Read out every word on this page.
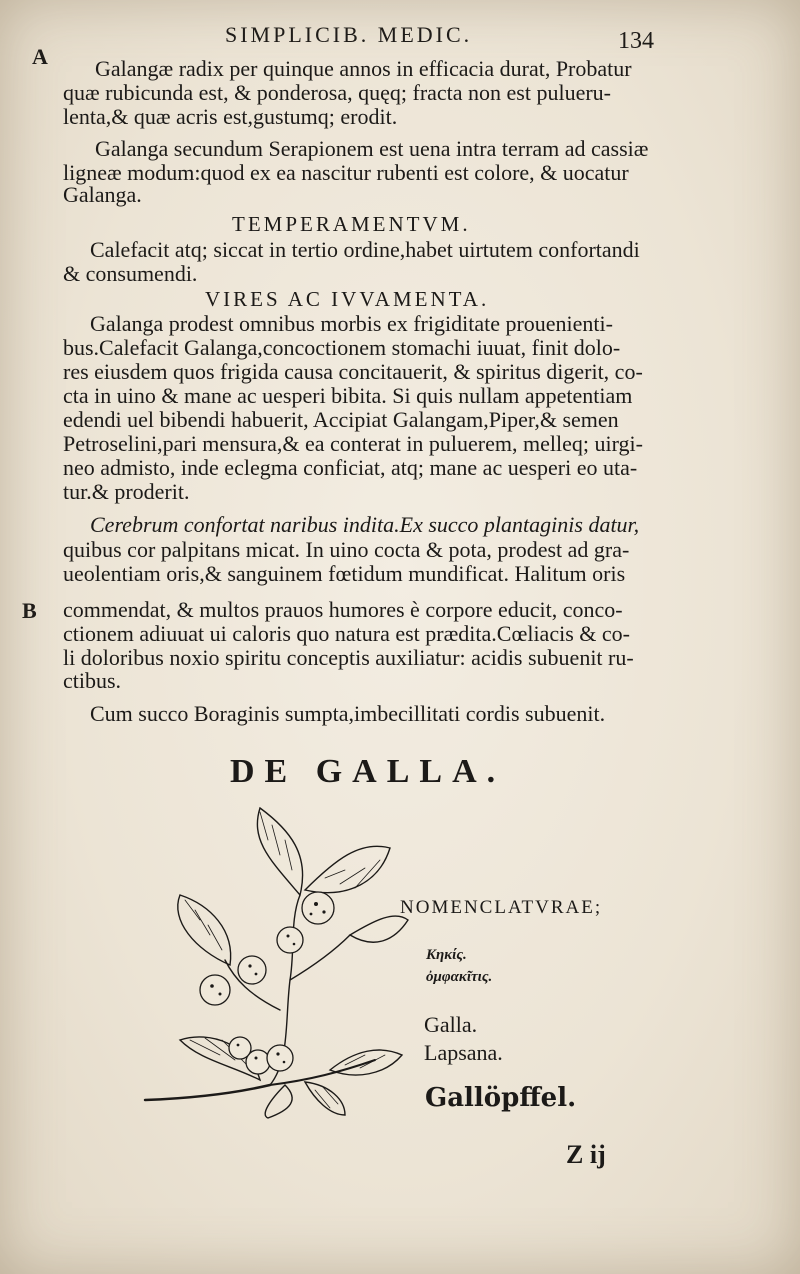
SIMPLICIB. MEDIC.	134
A
B
Galangæ radix per quinque annos in efficacia durat, Probatur
quæ rubicunda est, & ponderosa, quęq; fracta non est pulueru-
lenta,& quæ acris est,gustumq; erodit.
Galanga secundum Serapionem est uena intra terram ad cassiæ
ligneæ modum:quod ex ea nascitur rubenti est colore, & uocatur
Galanga.
TEMPERAMENTVM.
Calefacit atq; siccat in tertio ordine,habet uirtutem confortandi
& consumendi.
VIRES AC IVVAMENTA.
Galanga prodest omnibus morbis ex frigiditate prouenienti-
bus.Calefacit Galanga,concoctionem stomachi iuuat, finit dolo-
res eiusdem quos frigida causa concitauerit, & spiritus digerit, co-
cta in uino & mane ac uesperi bibita. Si quis nullam appetentiam
edendi uel bibendi habuerit, Accipiat Galangam,Piper,& semen
Petroselini,pari mensura,& ea conterat in puluerem, melleq; uirgi-
neo admisto, inde eclegma conficiat, atq; mane ac uesperi eo uta-
tur.& proderit.
Cerebrum confortat naribus indita.Ex succo plantaginis datur,
quibus cor palpitans micat. In uino cocta & pota, prodest ad gra-
ueolentiam oris,& sanguinem fœtidum mundificat. Halitum oris
commendat, & multos prauos humores è corpore educit, conco-
ctionem adiuuat ui caloris quo natura est prædita.Cœliacis & co-
li doloribus noxio spiritu conceptis auxiliatur: acidis subuenit ru-
ctibus.
Cum succo Boraginis sumpta,imbecillitati cordis subuenit.
DE GALLA.
NOMENCLATVRAE;
Κηκίς.
ὀμφακῖτις.
Galla.
Lapsana.
Gallöpffel.
Z ij
